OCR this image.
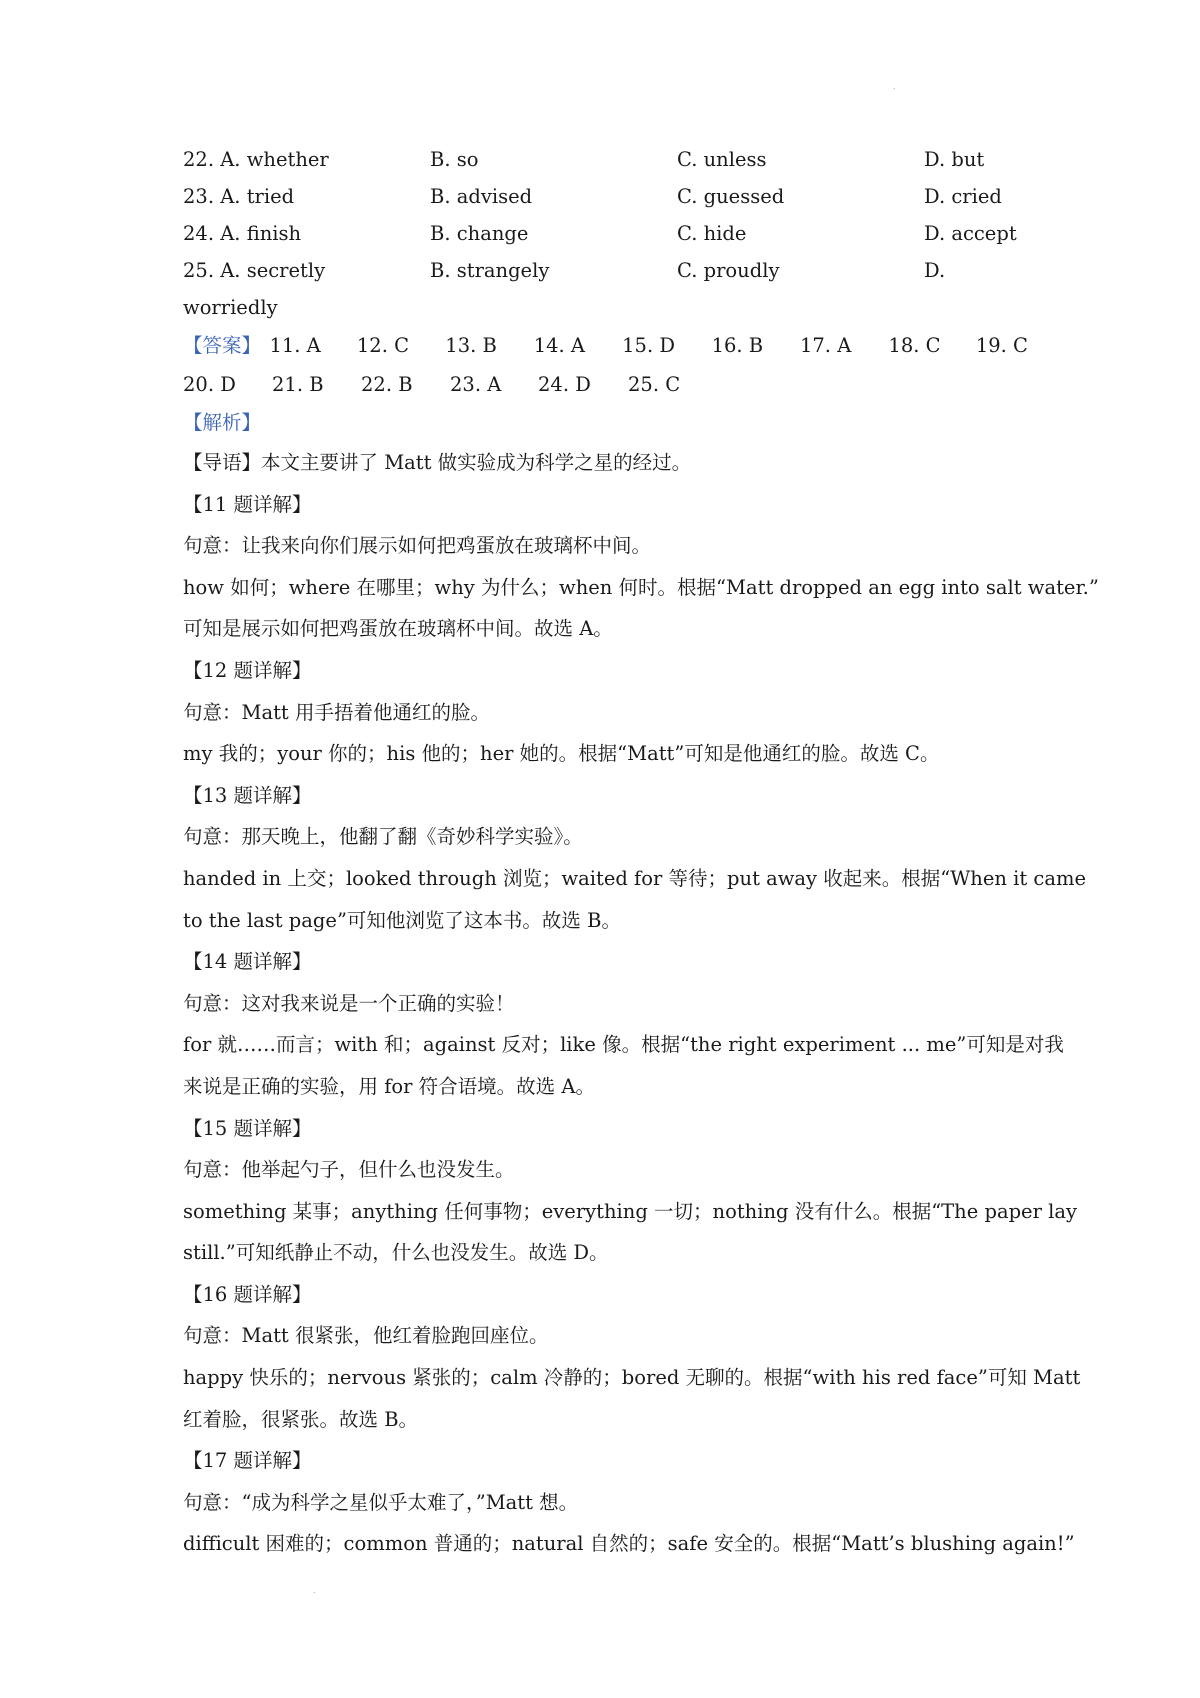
.
22. A. whether	B. so	C. unless	D. but
23. A. tried	B. advised	C. guessed	D. cried
24. A. finish	B. change	C. hide	D. accept
25. A. secretly	B. strangely	C. proudly	D.
worriedly
【答案】 11. A	12. C	13. B	14. A	15. D	16. B	17. A	18. C	19. C
20. D	21. B	22. B	23. A	24. D	25. C
【解析】
【导语】本文主要讲了 Matt 做实验成为科学之星的经过。
【11 题详解】
句意：让我来向你们展示如何把鸡蛋放在玻璃杯中间。
how 如何；where 在哪里；why 为什么；when 何时。根据“Matt dropped an egg into salt water.”
可知是展示如何把鸡蛋放在玻璃杯中间。故选 A。
【12 题详解】
句意：Matt 用手捂着他通红的脸。
my 我的；your 你的；his 他的；her 她的。根据“Matt”可知是他通红的脸。故选 C。
【13 题详解】
句意：那天晚上，他翻了翻《奇妙科学实验》。
handed in 上交；looked through 浏览；waited for 等待；put away 收起来。根据“When it came
to the last page”可知他浏览了这本书。故选 B。
【14 题详解】
句意：这对我来说是一个正确的实验！
for 就……而言；with 和；against 反对；like 像。根据“the right experiment ... me”可知是对我
来说是正确的实验，用 for 符合语境。故选 A。
【15 题详解】
句意：他举起勺子，但什么也没发生。
something 某事；anything 任何事物；everything 一切；nothing 没有什么。根据“The paper lay
still.”可知纸静止不动，什么也没发生。故选 D。
【16 题详解】
句意：Matt 很紧张，他红着脸跑回座位。
happy 快乐的；nervous 紧张的；calm 冷静的；bored 无聊的。根据“with his red face”可知 Matt
红着脸，很紧张。故选 B。
【17 题详解】
句意：“成为科学之星似乎太难了，”Matt 想。
difficult 困难的；common 普通的；natural 自然的；safe 安全的。根据“Matt’s blushing again!”
.
